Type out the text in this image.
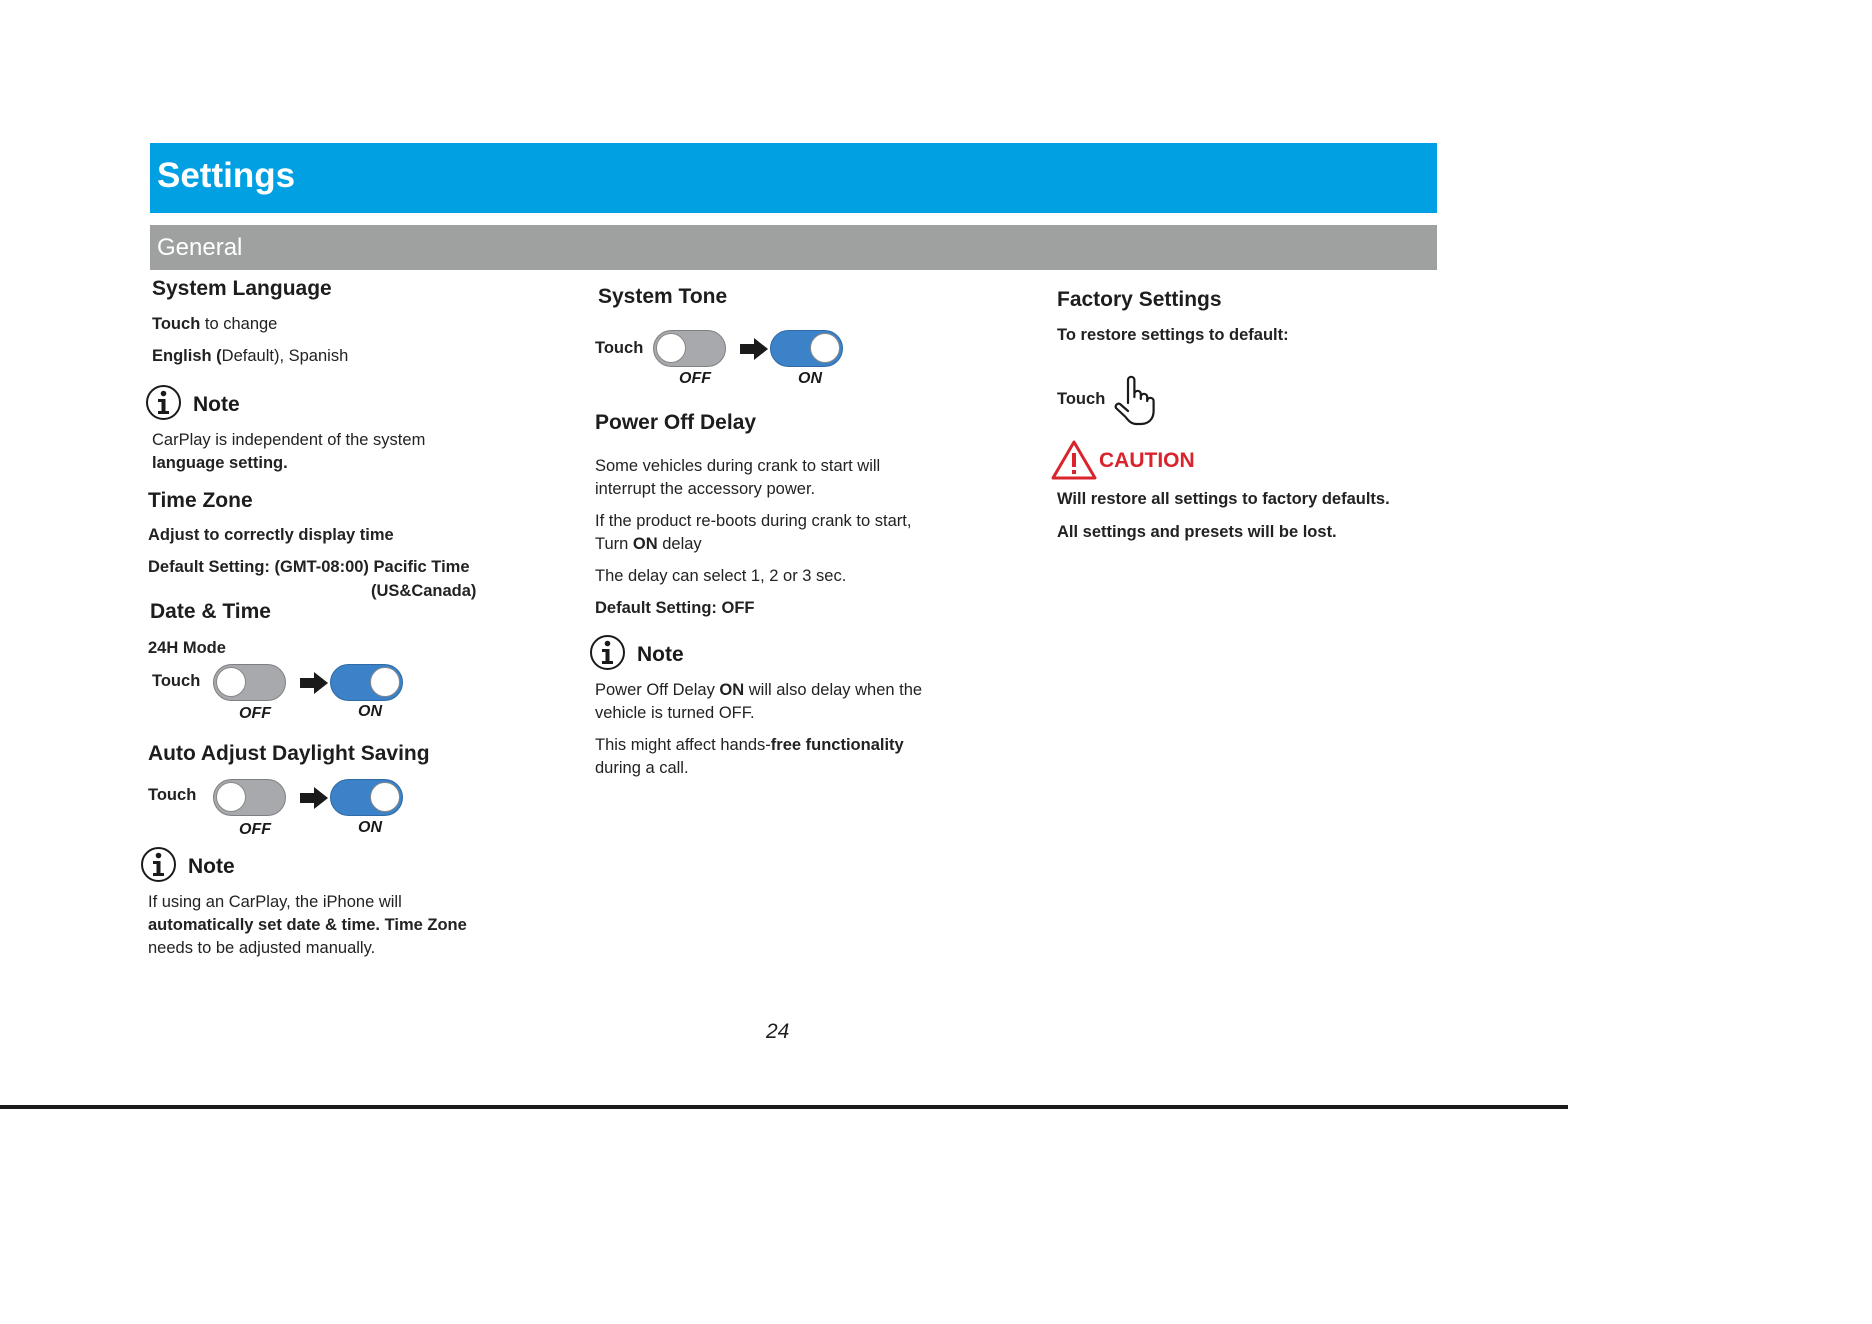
Settings
General
System Language
Touch to change
English (Default), Spanish
Note
CarPlay is independent of the system
language setting.
Time Zone
Adjust to correctly display time
Default Setting: (GMT-08:00) Pacific Time
(US&Canada)
Date & Time
24H Mode
Touch
OFF	ON
Auto Adjust Daylight Saving
Touch
OFF	ON
Note
If using an CarPlay, the iPhone will
automatically set date & time. Time Zone
needs to be adjusted manually.
System Tone
Touch
OFF	ON
Power Off Delay
Some vehicles during crank to start will
interrupt the accessory power.
If the product re-boots during crank to start,
Turn ON delay
The delay can select 1, 2 or 3 sec.
Default Setting: OFF
Note
Power Off Delay ON will also delay when the
vehicle is turned OFF.
This might affect hands-free functionality
during a call.
Factory Settings
To restore settings to default:
Touch
CAUTION
Will restore all settings to factory defaults.
All settings and presets will be lost.
24
